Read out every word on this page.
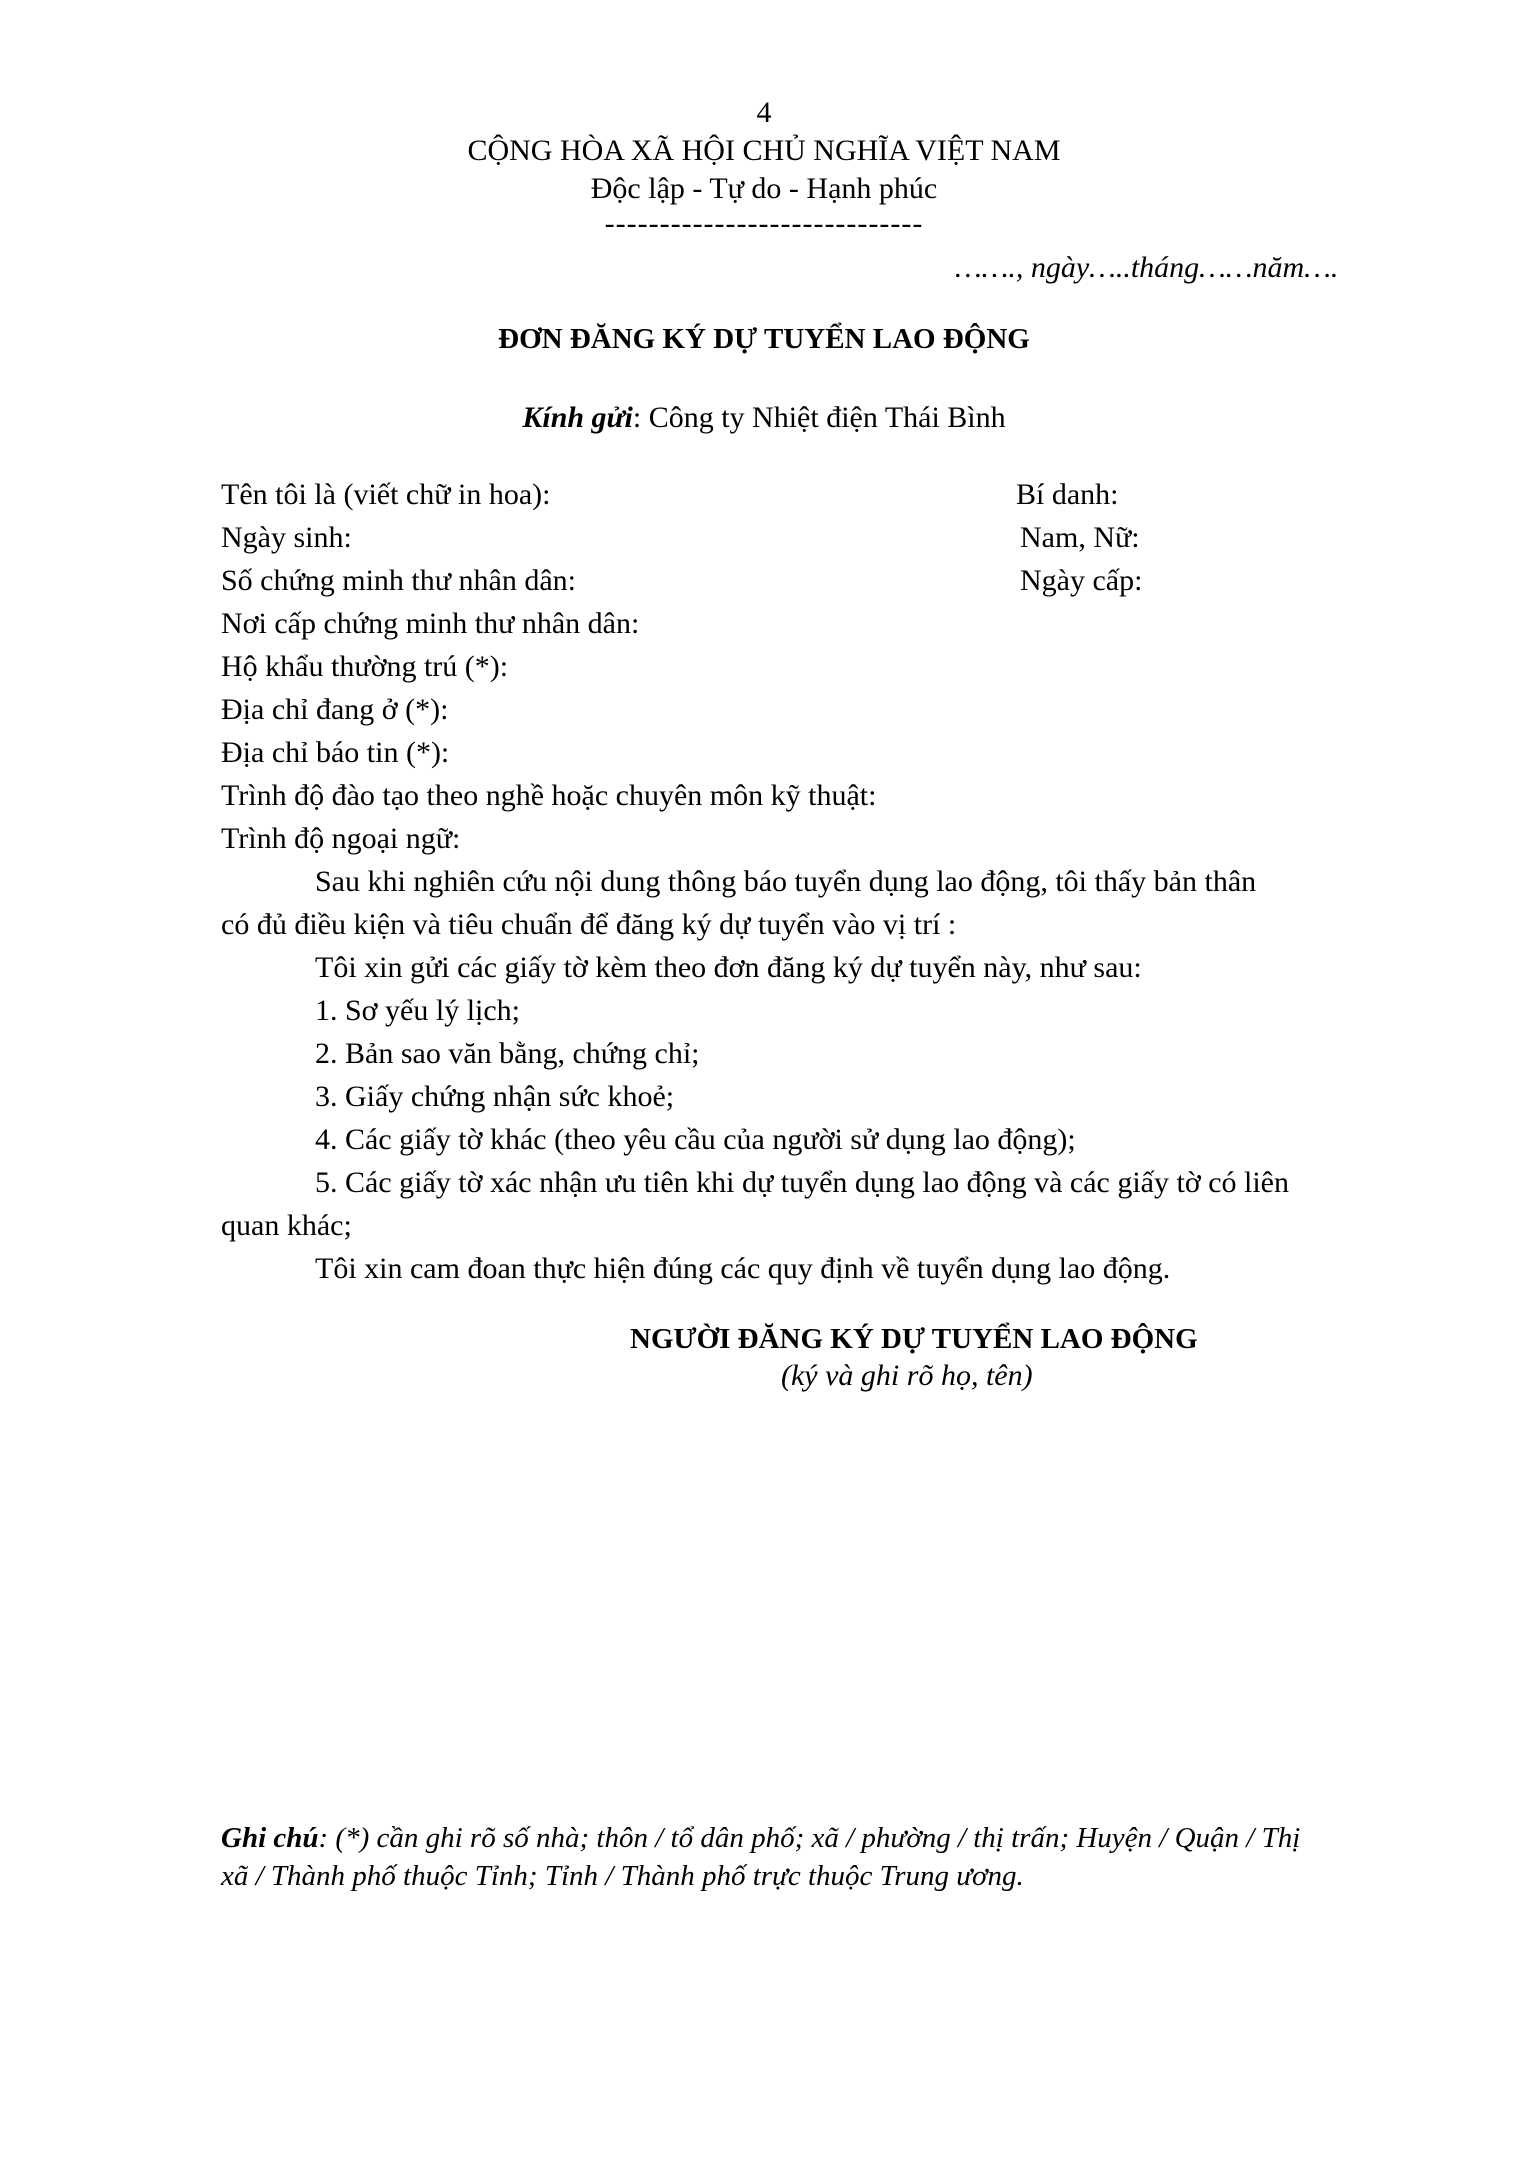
4
CỘNG HÒA XÃ HỘI CHỦ NGHĨA VIỆT NAM
Độc lập - Tự do - Hạnh phúc
-----------------------------
……., ngày…..tháng……năm….
ĐƠN ĐĂNG KÝ DỰ TUYỂN LAO ĐỘNG
Kính gửi: Công ty Nhiệt điện Thái Bình
Tên tôi là (viết chữ in hoa):	Bí danh:
Ngày sinh:	Nam, Nữ:
Số chứng minh thư nhân dân:	Ngày cấp:
Nơi cấp chứng minh thư nhân dân:
Hộ khẩu thường trú (*):
Địa chỉ đang ở (*):
Địa chỉ báo tin (*):
Trình độ đào tạo theo nghề hoặc chuyên môn kỹ thuật:
Trình độ ngoại ngữ:
Sau khi nghiên cứu nội dung thông báo tuyển dụng lao động, tôi thấy bản thân
có đủ điều kiện và tiêu chuẩn để đăng ký dự tuyển vào vị trí :
Tôi xin gửi các giấy tờ kèm theo đơn đăng ký dự tuyển này, như sau:
1. Sơ yếu lý lịch;
2. Bản sao văn bằng, chứng chỉ;
3. Giấy chứng nhận sức khoẻ;
4. Các giấy tờ khác (theo yêu cầu của người sử dụng lao động);
5. Các giấy tờ xác nhận ưu tiên khi dự tuyển dụng lao động và các giấy tờ có liên
quan khác;
Tôi xin cam đoan thực hiện đúng các quy định về tuyển dụng lao động.
NGƯỜI ĐĂNG KÝ DỰ TUYỂN LAO ĐỘNG
(ký và ghi rõ họ, tên)
Ghi chú: (*) cần ghi rõ số nhà; thôn / tổ dân phố; xã / phường / thị trấn; Huyện / Quận / Thị
xã / Thành phố thuộc Tỉnh; Tỉnh / Thành phố trực thuộc Trung ương.
